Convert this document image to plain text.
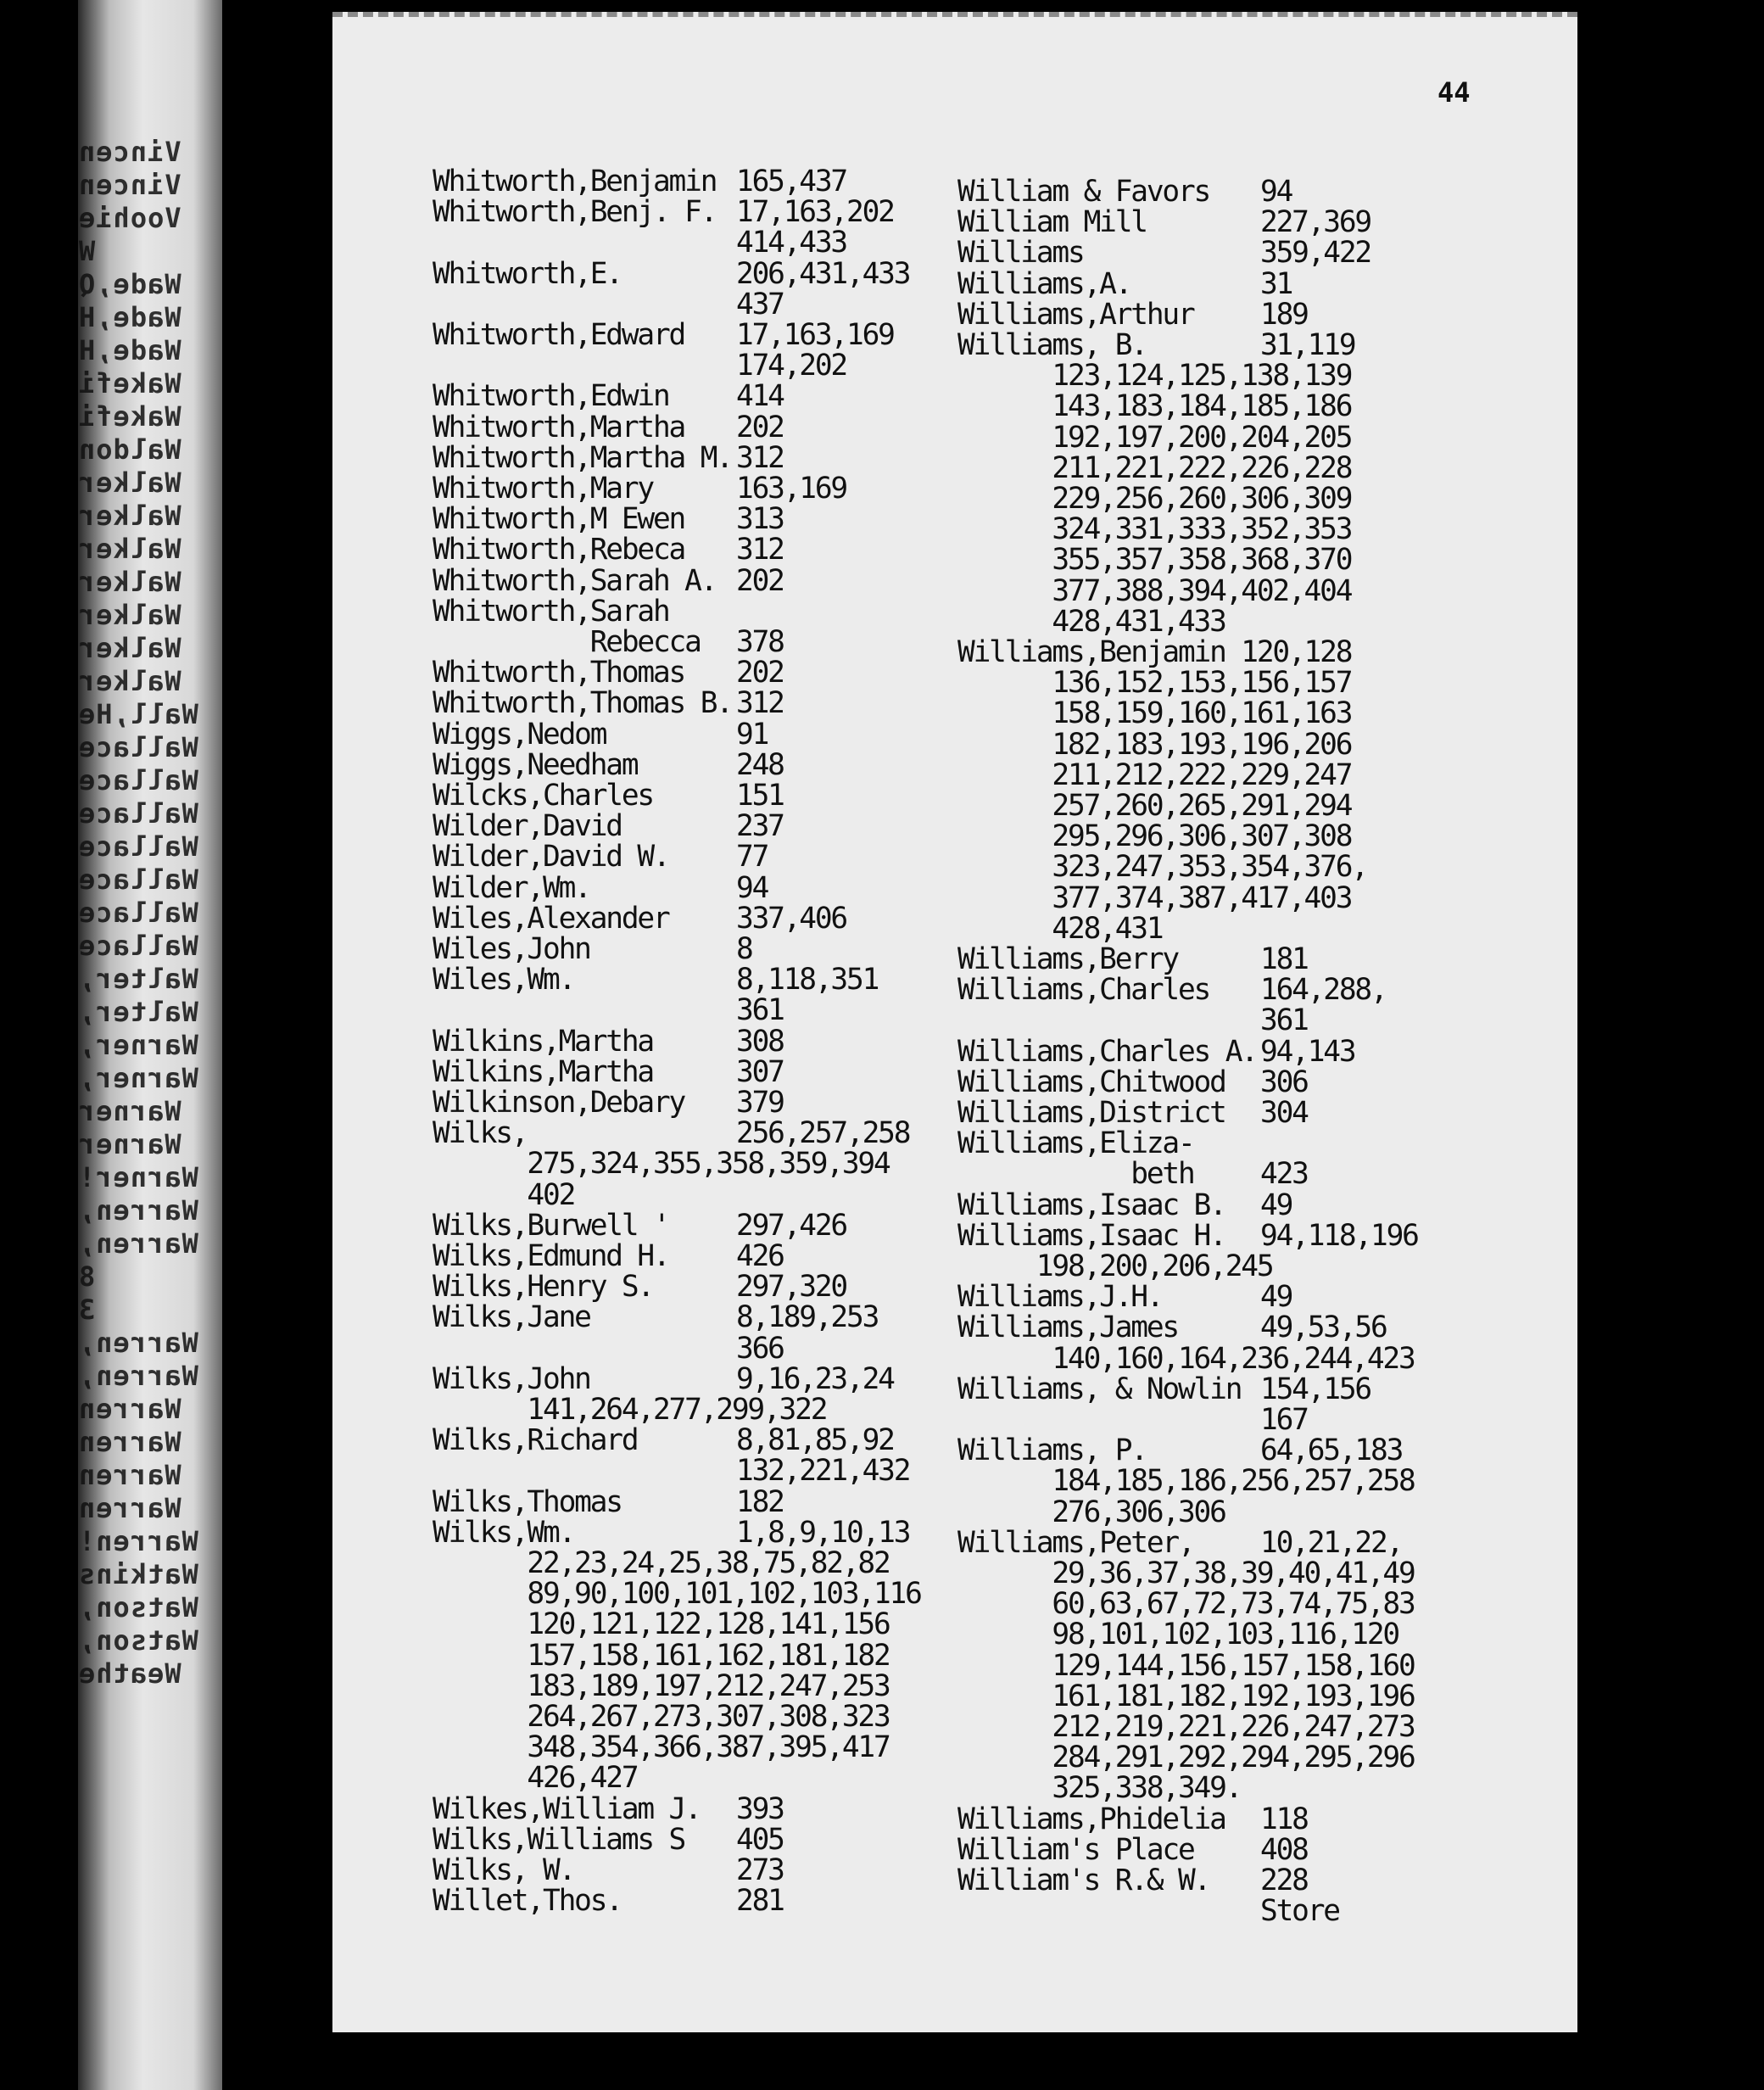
Vincen
Vincen
Voohie
W
Wade,Q
Wade,H
Wade,H
Wakefi
Wakefi
Waldon
Walker
Walker
Walker
Walker
Walker
Walker
Walker
Wall,He
Wallace
Wallace
Wallace
Wallace
Wallace
Wallace
Wallace
Walter,
Walter,
Warner,
Warner,
Warner
Warner
Warner!
Warren,
Warren,
8
3
Warren,
Warren,
Warren
Warren
Warren
Warren
Warren!
Watkins
Watson,
Watson,
Weathe
44
Whitworth,Benjamin 165,437
Whitworth,Benj. F. 17,163,202
414,433
Whitworth,E.	206,431,433
437
Whitworth,Edward 17,163,169
174,202
Whitworth,Edwin 414
Whitworth,Martha 202
Whitworth,Martha M. 312
Whitworth,Mary	163,169
Whitworth,M Ewen 313
Whitworth,Rebeca 312
Whitworth,Sarah A. 202
Whitworth,Sarah
Rebecca 378
Whitworth,Thomas 202
Whitworth,Thomas B. 312
Wiggs,Nedom	91
Wiggs,Needham	248
Wilcks,Charles	151
Wilder,David	237
Wilder,David W. 77
Wilder,Wm.	94
Wiles,Alexander 337,406
Wiles,John	8
Wiles,Wm.	8,118,351
361
Wilkins,Martha	308
Wilkins,Martha	307
Wilkinson,Debary 379
Wilks,	256,257,258
275,324,355,358,359,394
402
Wilks,Burwell ' 297,426
Wilks,Edmund H. 426
Wilks,Henry S.	297,320
Wilks,Jane	8,189,253
366
Wilks,John	9,16,23,24
141,264,277,299,322
Wilks,Richard	8,81,85,92
132,221,432
Wilks,Thomas	182
Wilks,Wm.	1,8,9,10,13
22,23,24,25,38,75,82,82
89,90,100,101,102,103,116
120,121,122,128,141,156
157,158,161,162,181,182
183,189,197,212,247,253
264,267,273,307,308,323
348,354,366,387,395,417
426,427
Wilkes,William J. 393
Wilks,Williams S 405
Wilks, W.	273
Willet,Thos.	281
William & Favors 94
William Mill	227,369
Williams	359,422
Williams,A.	31
Williams,Arthur 189
Williams, B.	31,119
123,124,125,138,139
143,183,184,185,186
192,197,200,204,205
211,221,222,226,228
229,256,260,306,309
324,331,333,352,353
355,357,358,368,370
377,388,394,402,404
428,431,433
Williams,Benjamin 120,128
136,152,153,156,157
158,159,160,161,163
182,183,193,196,206
211,212,222,229,247
257,260,265,291,294
295,296,306,307,308
323,247,353,354,376,
377,374,387,417,403
428,431
Williams,Berry	181
Williams,Charles 164,288,
361
Williams,Charles A. 94,143
Williams,Chitwood 306
Williams,District 304
Williams,Eliza-
beth 423
Williams,Isaac B. 49
Williams,Isaac H. 94,118,196
198,200,206,245
Williams,J.H.	49
Williams,James	49,53,56
140,160,164,236,244,423
Williams, & Nowlin 154,156
167
Williams, P.	64,65,183
184,185,186,256,257,258
276,306,306
Williams,Peter, 10,21,22,
29,36,37,38,39,40,41,49
60,63,67,72,73,74,75,83
98,101,102,103,116,120
129,144,156,157,158,160
161,181,182,192,193,196
212,219,221,226,247,273
284,291,292,294,295,296
325,338,349.
Williams,Phidelia 118
William's Place 408
William's R.& W. 228
Store
